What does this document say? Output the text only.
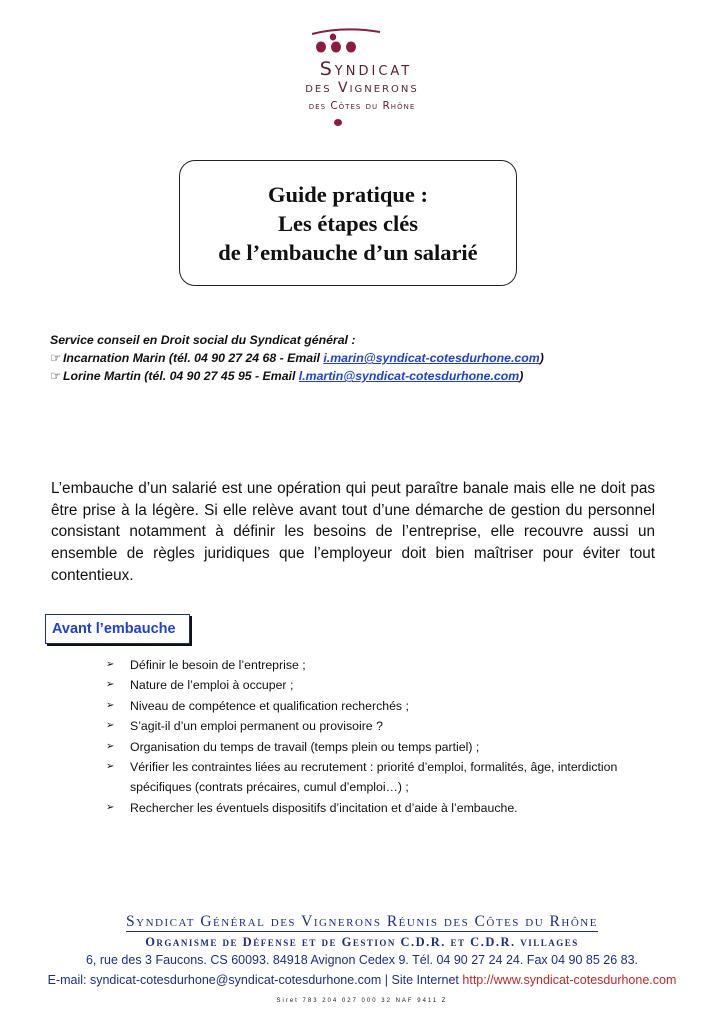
Syndicat
des Vignerons
des Côtes du Rhône
Guide pratique :
Les étapes clés
de l’embauche d’un salarié
Service conseil en Droit social du Syndicat général :
☞ Incarnation Marin (tél. 04 90 27 24 68 - Email i.marin@syndicat-cotesdurhone.com)
☞ Lorine Martin (tél. 04 90 27 45 95 - Email l.martin@syndicat-cotesdurhone.com)
L’embauche d’un salarié est une opération qui peut paraître banale mais elle ne doit pas être prise à la légère. Si elle relève avant tout d’une démarche de gestion du personnel consistant notamment à définir les besoins de l’entreprise, elle recouvre aussi un ensemble de règles juridiques que l’employeur doit bien maîtriser pour éviter tout contentieux.
Avant l’embauche
➢ Définir le besoin de l’entreprise ;
➢ Nature de l’emploi à occuper ;
➢ Niveau de compétence et qualification recherchés ;
➢ S’agit-il d’un emploi permanent ou provisoire ?
➢ Organisation du temps de travail (temps plein ou temps partiel) ;
➢ Vérifier les contraintes liées au recrutement : priorité d’emploi, formalités, âge, interdiction spécifiques (contrats précaires, cumul d’emploi…) ;
➢ Rechercher les éventuels dispositifs d’incitation et d’aide à l’embauche.
Syndicat Général des Vignerons Réunis des Côtes du Rhône
Organisme de Défense et de Gestion C.D.R. et C.D.R. villages
6, rue des 3 Faucons. CS 60093. 84918 Avignon Cedex 9. Tél. 04 90 27 24 24. Fax 04 90 85 26 83.
E-mail: syndicat-cotesdurhone@syndicat-cotesdurhone.com | Site Internet http://www.syndicat-cotesdurhone.com
Siret 783 204 027 000 32 NAF 9411 Z
